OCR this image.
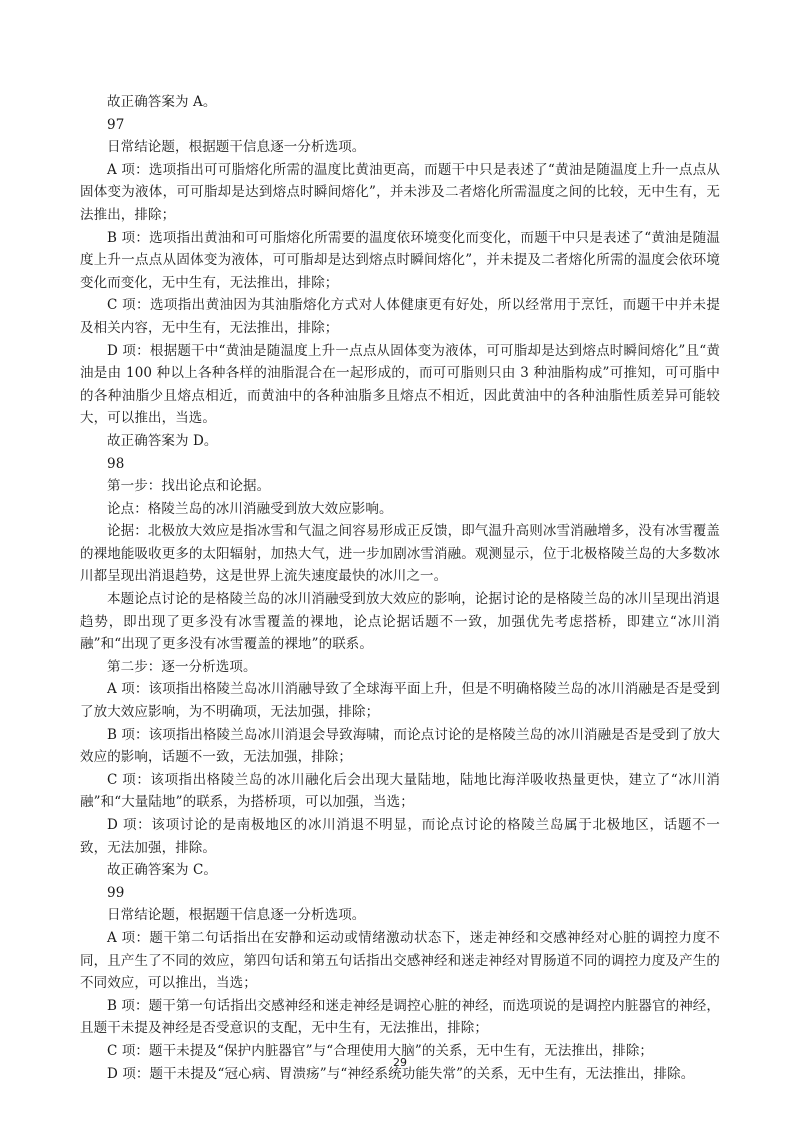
故正确答案为 A。

97

日常结论题，根据题干信息逐一分析选项。

A 项：选项指出可可脂熔化所需的温度比黄油更高，而题干中只是表述了“黄油是随温度上升一点点从固体变为液体，可可脂却是达到熔点时瞬间熔化”，并未涉及二者熔化所需温度之间的比较，无中生有，无法推出，排除；

B 项：选项指出黄油和可可脂熔化所需要的温度依环境变化而变化，而题干中只是表述了“黄油是随温度上升一点点从固体变为液体，可可脂却是达到熔点时瞬间熔化”，并未提及二者熔化所需的温度会依环境变化而变化，无中生有，无法推出，排除；

C 项：选项指出黄油因为其油脂熔化方式对人体健康更有好处，所以经常用于烹饪，而题干中并未提及相关内容，无中生有，无法推出，排除；

D 项：根据题干中“黄油是随温度上升一点点从固体变为液体，可可脂却是达到熔点时瞬间熔化”且“黄油是由 100 种以上各种各样的油脂混合在一起形成的，而可可脂则只由 3 种油脂构成”可推知，可可脂中的各种油脂少且熔点相近，而黄油中的各种油脂多且熔点不相近，因此黄油中的各种油脂性质差异可能较大，可以推出，当选。

故正确答案为 D。

98

第一步：找出论点和论据。

论点：格陵兰岛的冰川消融受到放大效应影响。

论据：北极放大效应是指冰雪和气温之间容易形成正反馈，即气温升高则冰雪消融增多，没有冰雪覆盖的裸地能吸收更多的太阳辐射，加热大气，进一步加剧冰雪消融。观测显示，位于北极格陵兰岛的大多数冰川都呈现出消退趋势，这是世界上流失速度最快的冰川之一。

本题论点讨论的是格陵兰岛的冰川消融受到放大效应的影响，论据讨论的是格陵兰岛的冰川呈现出消退趋势，即出现了更多没有冰雪覆盖的裸地，论点论据话题不一致，加强优先考虑搭桥，即建立“冰川消融”和“出现了更多没有冰雪覆盖的裸地”的联系。

第二步：逐一分析选项。

A 项：该项指出格陵兰岛冰川消融导致了全球海平面上升，但是不明确格陵兰岛的冰川消融是否是受到了放大效应影响，为不明确项，无法加强，排除；

B 项：该项指出格陵兰岛冰川消退会导致海啸，而论点讨论的是格陵兰岛的冰川消融是否是受到了放大效应的影响，话题不一致，无法加强，排除；

C 项：该项指出格陵兰岛的冰川融化后会出现大量陆地，陆地比海洋吸收热量更快，建立了“冰川消融”和“大量陆地”的联系，为搭桥项，可以加强，当选；

D 项：该项讨论的是南极地区的冰川消退不明显，而论点讨论的格陵兰岛属于北极地区，话题不一致，无法加强，排除。

故正确答案为 C。

99

日常结论题，根据题干信息逐一分析选项。

A 项：题干第二句话指出在安静和运动或情绪激动状态下，迷走神经和交感神经对心脏的调控力度不同，且产生了不同的效应，第四句话和第五句话指出交感神经和迷走神经对胃肠道不同的调控力度及产生的不同效应，可以推出，当选；

B 项：题干第一句话指出交感神经和迷走神经是调控心脏的神经，而选项说的是调控内脏器官的神经，且题干未提及神经是否受意识的支配，无中生有，无法推出，排除；

C 项：题干未提及“保护内脏器官”与“合理使用大脑”的关系，无中生有，无法推出，排除；

D 项：题干未提及“冠心病、胃溃疡”与“神经系统功能失常”的关系，无中生有，无法推出，排除。

29
